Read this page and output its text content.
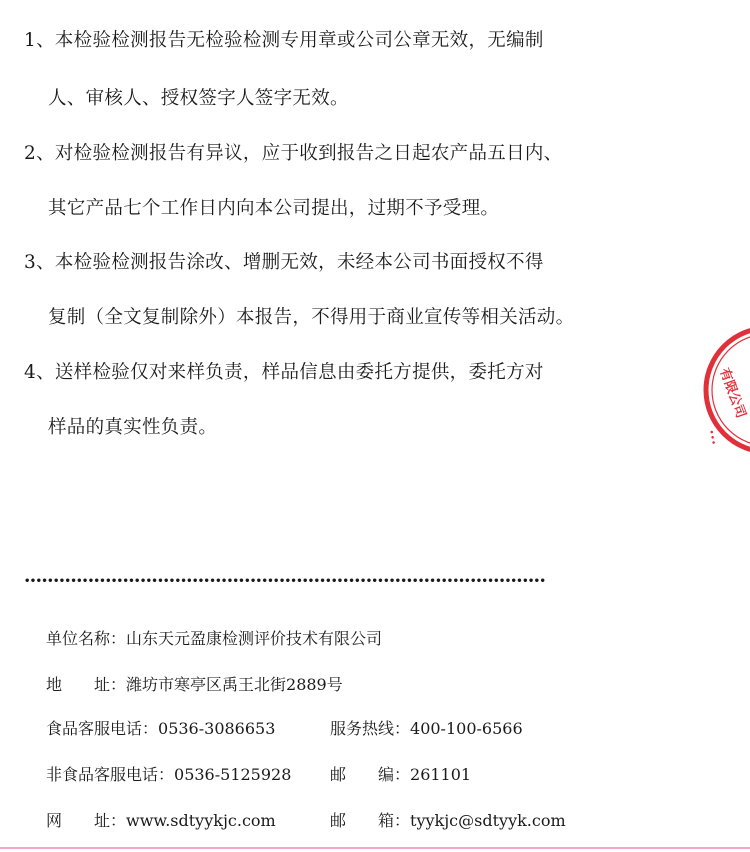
1、本检验检测报告无检验检测专用章或公司公章无效，无编制
人、审核人、授权签字人签字无效。
2、对检验检测报告有异议，应于收到报告之日起农产品五日内、
其它产品七个工作日内向本公司提出，过期不予受理。
3、本检验检测报告涂改、增删无效，未经本公司书面授权不得
复制（全文复制除外）本报告，不得用于商业宣传等相关活动。
4、送样检验仅对来样负责，样品信息由委托方提供，委托方对
样品的真实性负责。
有限公司
•••
••••••••••••••••••••••••••••••••••••••••••••••••••••••••••••••••••••••••••••••••••••••••••
单位名称：山东天元盈康检测评价技术有限公司
地　　址：潍坊市寒亭区禹王北街2889号
食品客服电话：0536-3086653	服务热线：400-100-6566
非食品客服电话：0536-5125928 邮　　编：261101
网　　址：www.sdtyykjc.com	邮　　箱：tyykjc@sdtyyk.com
